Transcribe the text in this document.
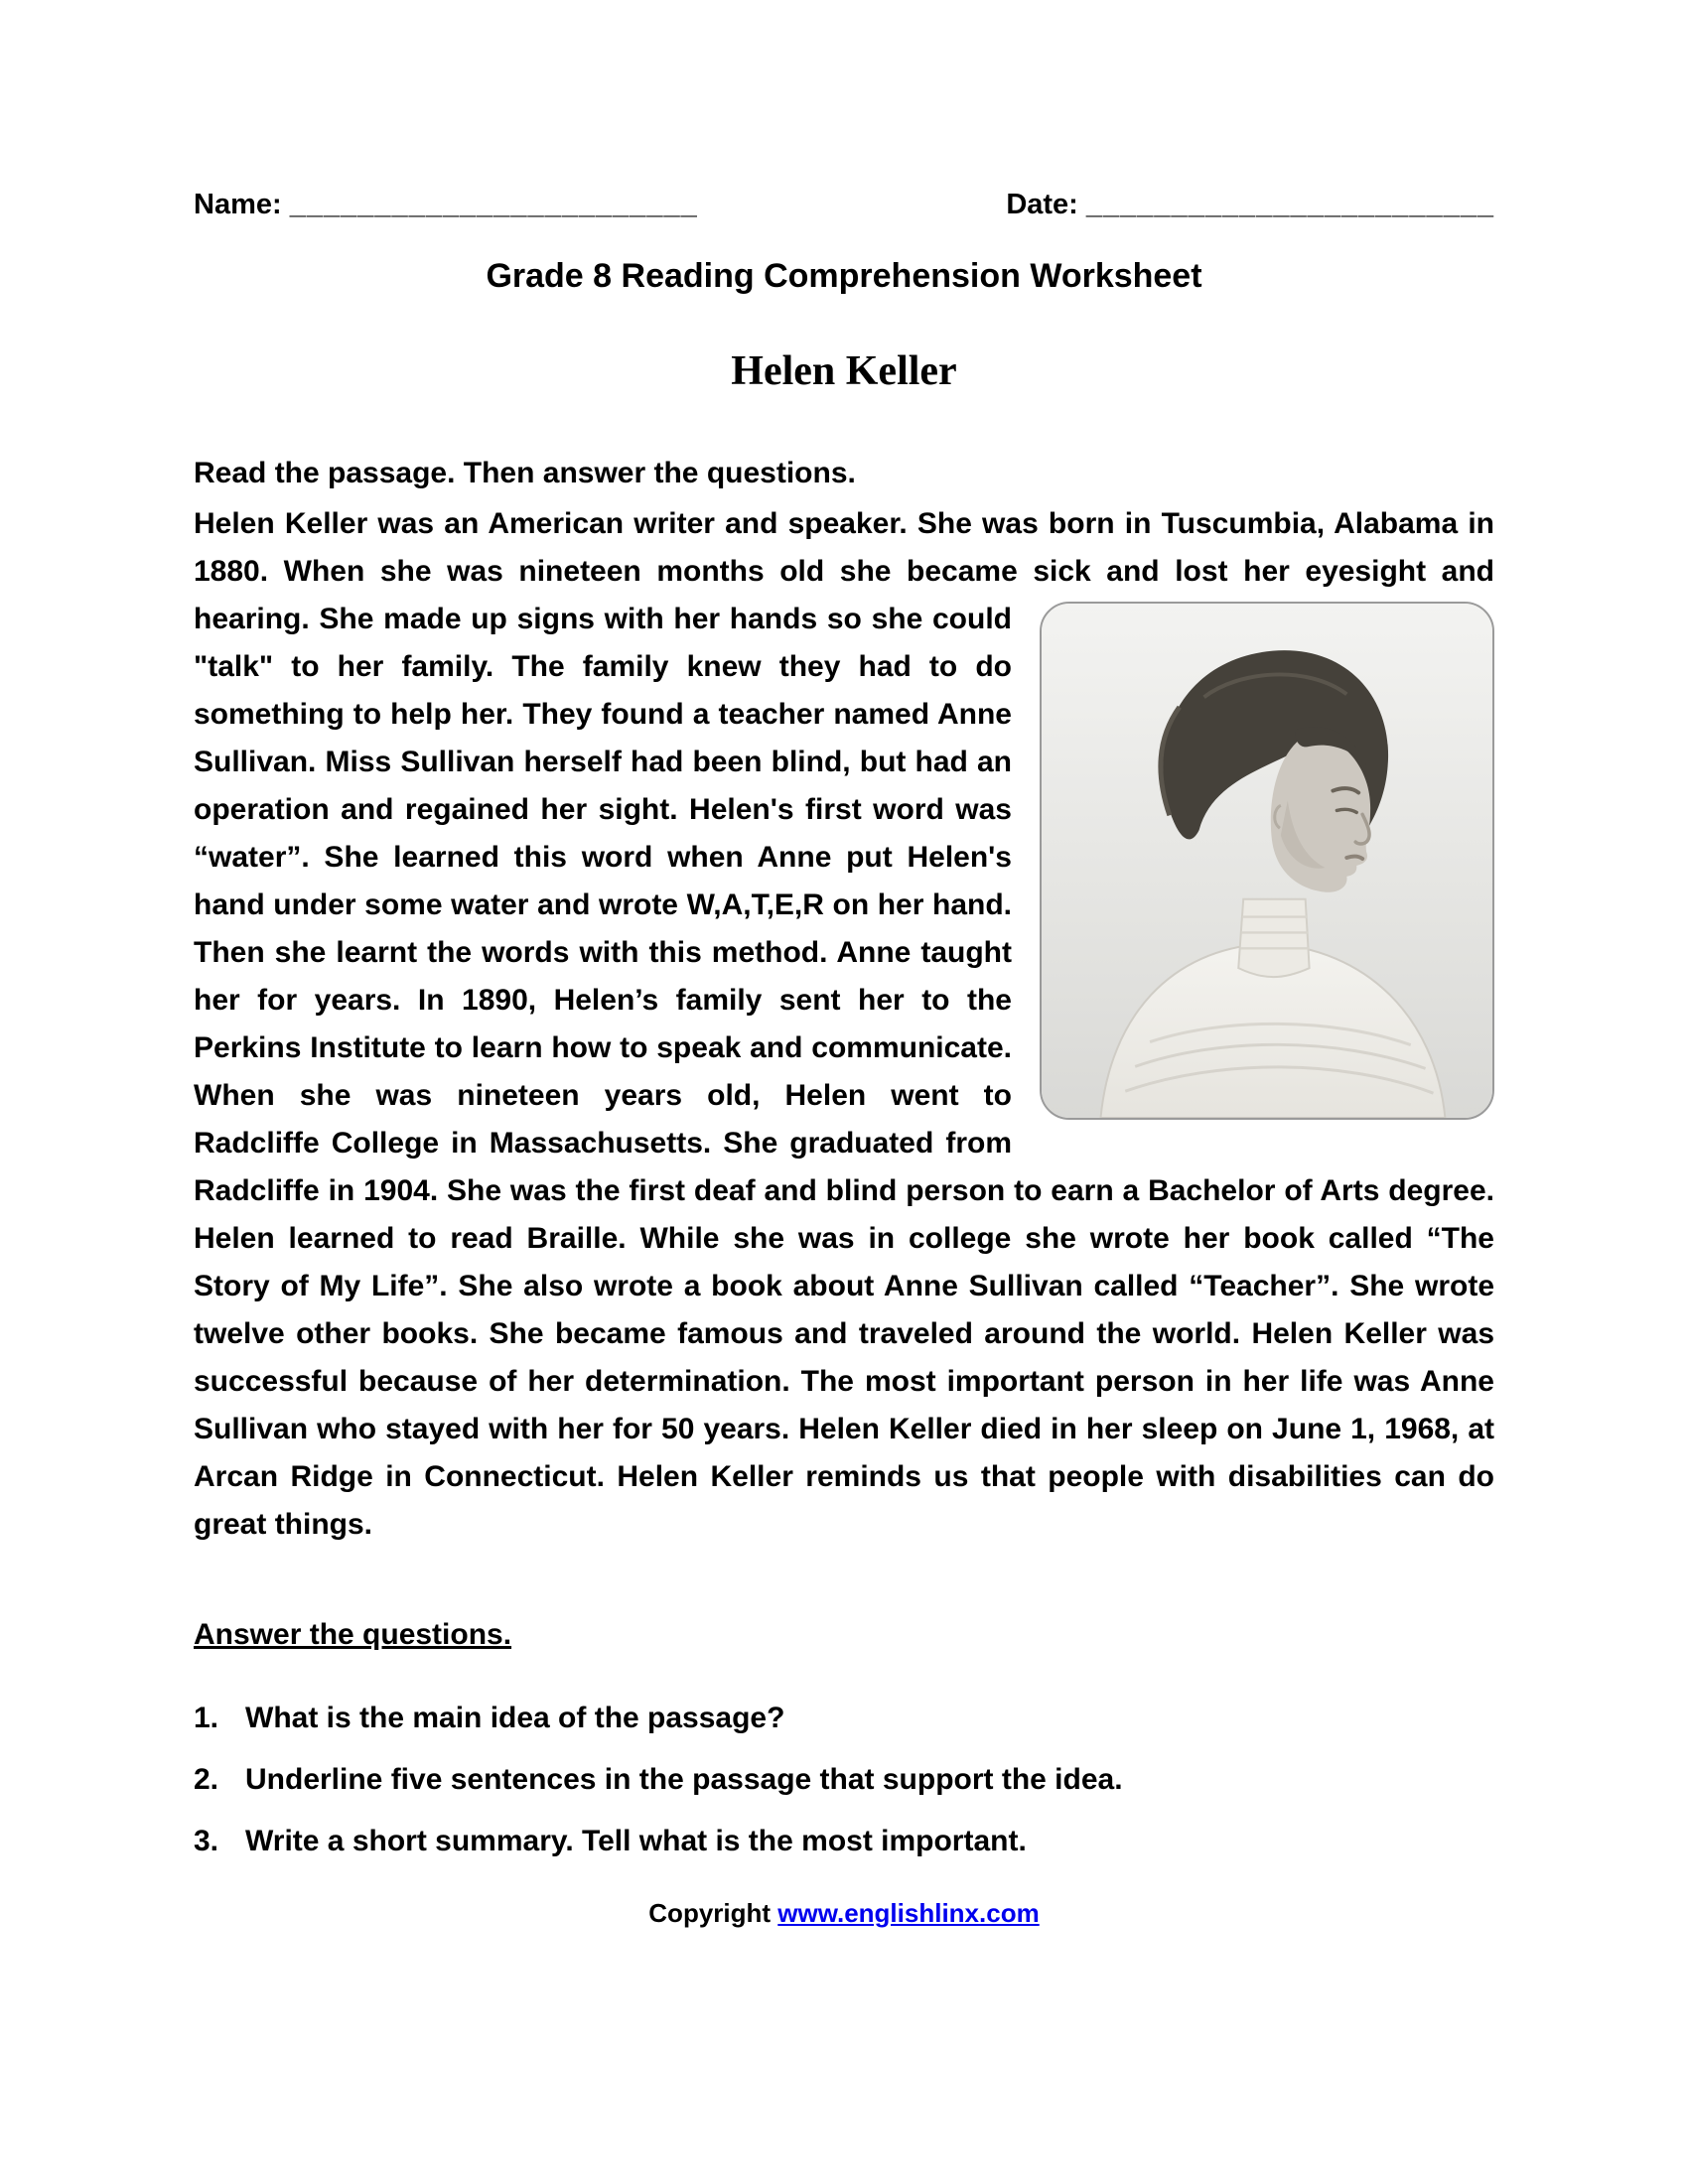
Name: ________________________	Date: ________________________
Grade 8 Reading Comprehension Worksheet
Helen Keller

Read the passage. Then answer the questions.

Helen Keller was an American writer and speaker. She was born in Tuscumbia, Alabama in 1880. When she was nineteen months old she became sick and lost
her eyesight and hearing. She made up signs with her hands so she could "talk" to her family. The family knew they had to do something to help her. They found a teacher named Anne Sullivan. Miss Sullivan herself had been blind, but had an operation and regained her sight. Helen's first word was “water”. She learned this word when Anne put Helen's hand under some water and wrote W,A,T,E,R on her hand. Then she learnt the words with this method. Anne taught her for years. In 1890, Helen’s family sent her to the Perkins Institute to learn how to speak and communicate. When she was nineteen years old, Helen went to Radcliffe College in Massachusetts. She graduated from Radcliffe in 1904. She was the first deaf and blind person to earn a Bachelor of Arts degree. Helen learned to read Braille. While she was in college she wrote her book called “The Story of My Life”. She also wrote a book about Anne Sullivan called “Teacher”. She wrote twelve other books. She became famous and traveled around the world. Helen Keller was successful because of her determination. The most important person in her life was Anne Sullivan who stayed with her for 50 years. Helen Keller died in her sleep on June 1, 1968, at Arcan Ridge in Connecticut. Helen Keller reminds us that people with disabilities can do great things.

Answer the questions.

1. What is the main idea of the passage?
2. Underline five sentences in the passage that support the idea.
3. Write a short summary. Tell what is the most important.
Copyright www.englishlinx.com
